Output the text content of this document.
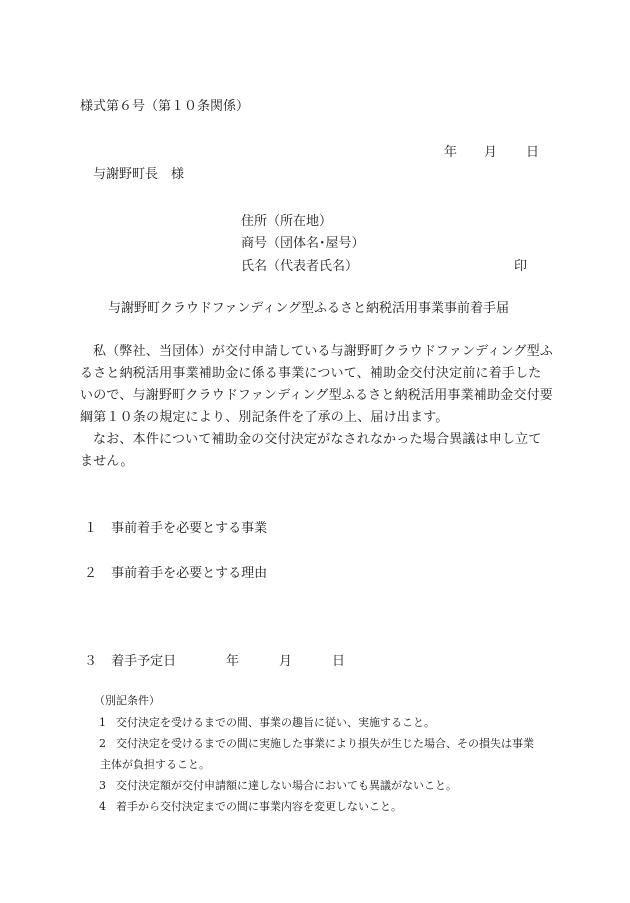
様式第６号（第１０条関係）
年 月 日
与謝野町長　様
住所（所在地）
商号（団体名･屋号）
氏名（代表者氏名）	印
与謝野町クラウドファンディング型ふるさと納税活用事業事前着手届

私（弊社、当団体）が交付申請している与謝野町クラウドファンディング型ふるさと納税活用事業補助金に係る事業について、補助金交付決定前に着手したいので、与謝野町クラウドファンディング型ふるさと納税活用事業補助金交付要綱第１０条の規定により、別記条件を了承の上、届け出ます。

なお、本件について補助金の交付決定がなされなかった場合異議は申し立てません。

１ 事前着手を必要とする事業
２ 事前着手を必要とする理由
３ 着手予定日	年	月	日
（別記条件）
1 交付決定を受けるまでの間、事業の趣旨に従い、実施すること。
2 交付決定を受けるまでの間に実施した事業により損失が生じた場合、その損失は事業
主体が負担すること。
3 交付決定額が交付申請額に達しない場合においても異議がないこと。
4 着手から交付決定までの間に事業内容を変更しないこと。
